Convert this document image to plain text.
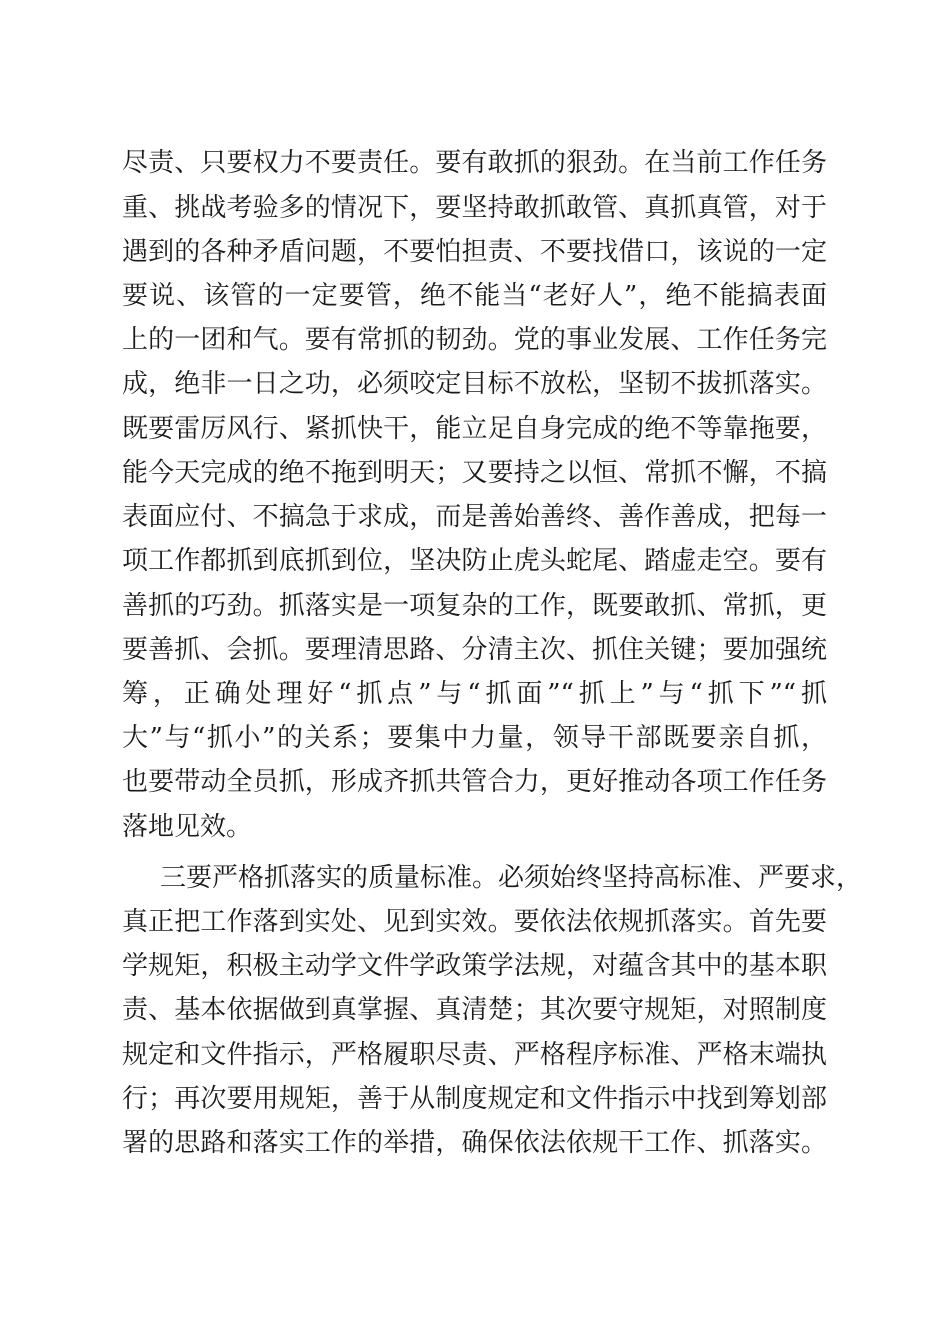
尽责、只要权力不要责任。要有敢抓的狠劲。在当前工作任务
重、挑战考验多的情况下，要坚持敢抓敢管、真抓真管，对于
遇到的各种矛盾问题，不要怕担责、不要找借口，该说的一定
要说、该管的一定要管，绝不能当“老好人”，绝不能搞表面
上的一团和气。要有常抓的韧劲。党的事业发展、工作任务完
成，绝非一日之功，必须咬定目标不放松，坚韧不拔抓落实。
既要雷厉风行、紧抓快干，能立足自身完成的绝不等靠拖要，
能今天完成的绝不拖到明天；又要持之以恒、常抓不懈，不搞
表面应付、不搞急于求成，而是善始善终、善作善成，把每一
项工作都抓到底抓到位，坚决防止虎头蛇尾、踏虚走空。要有
善抓的巧劲。抓落实是一项复杂的工作，既要敢抓、常抓，更
要善抓、会抓。要理清思路、分清主次、抓住关键；要加强统
筹，正确处理好“抓点”与“抓面”“抓上”与“抓下”“抓
大”与“抓小”的关系；要集中力量，领导干部既要亲自抓，
也要带动全员抓，形成齐抓共管合力，更好推动各项工作任务
落地见效。
三要严格抓落实的质量标准。必须始终坚持高标准、严要求，
真正把工作落到实处、见到实效。要依法依规抓落实。首先要
学规矩，积极主动学文件学政策学法规，对蕴含其中的基本职
责、基本依据做到真掌握、真清楚；其次要守规矩，对照制度
规定和文件指示，严格履职尽责、严格程序标准、严格末端执
行；再次要用规矩，善于从制度规定和文件指示中找到筹划部
署的思路和落实工作的举措，确保依法依规干工作、抓落实。
